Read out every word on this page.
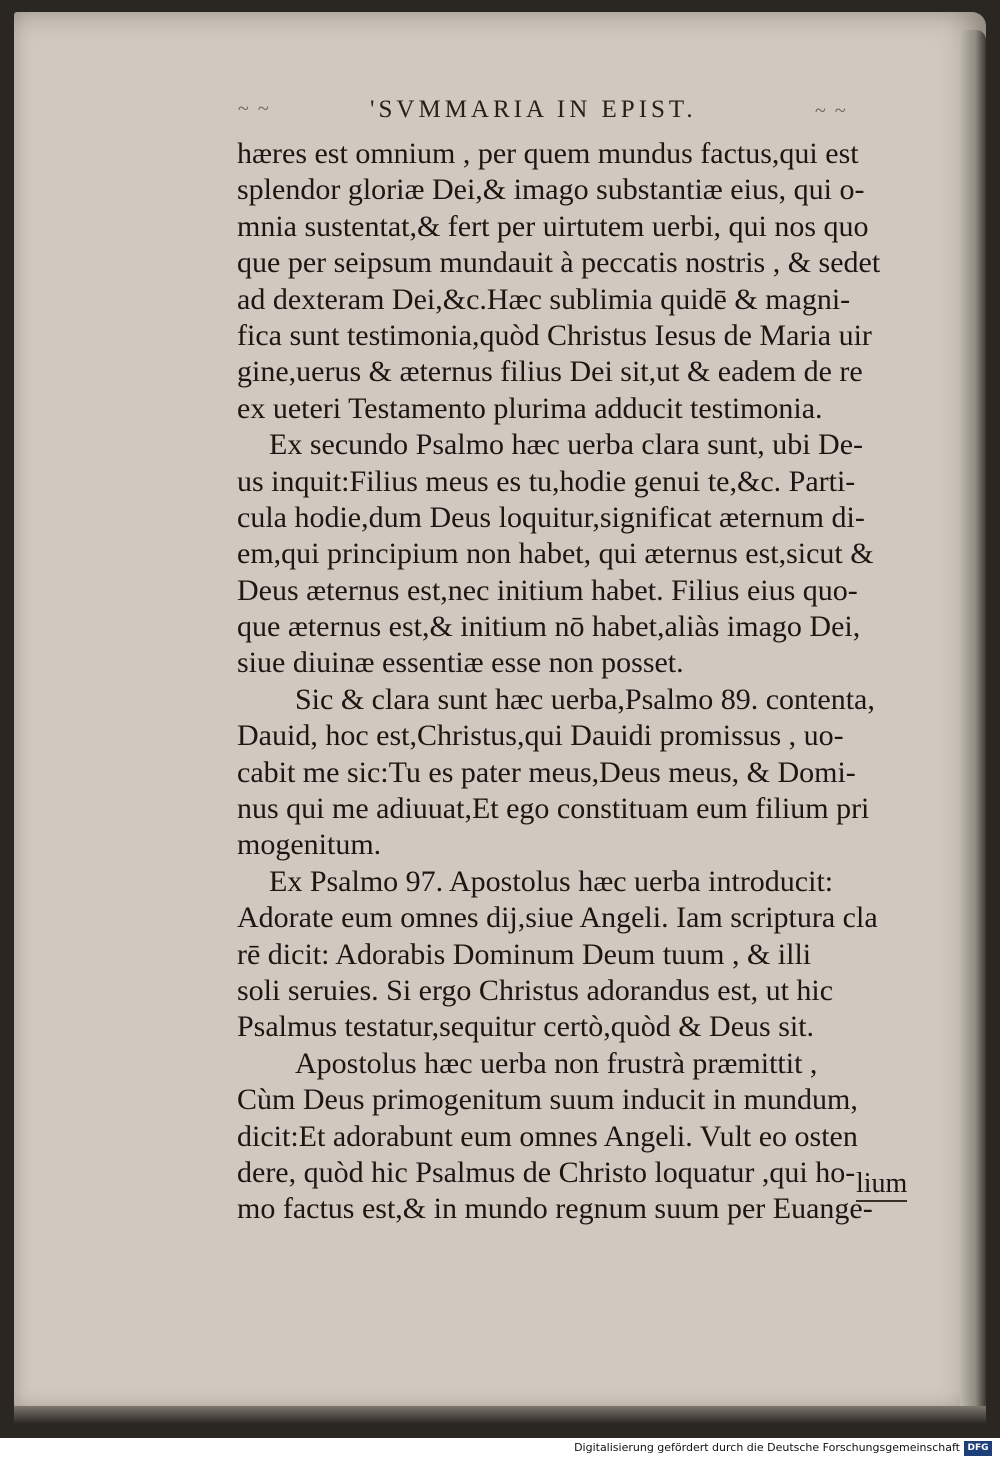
~ ~	'SVMMARIA IN EPIST.	~ ~
hæres est omnium , per quem mundus factus,qui est
splendor gloriæ Dei,& imago substantiæ eius, qui o-
mnia sustentat,& fert per uirtutem uerbi, qui nos quo
que per seipsum mundauit à peccatis nostris , & sedet
ad dexteram Dei,&c.Hæc sublimia quidē & magni-
fica sunt testimonia,quòd Christus Iesus de Maria uir
gine,uerus & æternus filius Dei sit,ut & eadem de re
ex ueteri Testamento plurima adducit testimonia.
Ex secundo Psalmo hæc uerba clara sunt, ubi De-
us inquit:Filius meus es tu,hodie genui te,&c. Parti-
cula hodie,dum Deus loquitur,significat æternum di-
em,qui principium non habet, qui æternus est,sicut &
Deus æternus est,nec initium habet. Filius eius quo-
que æternus est,& initium nō habet,aliàs imago Dei,
siue diuinæ essentiæ esse non posset.
Sic & clara sunt hæc uerba,Psalmo 89. contenta,
Dauid, hoc est,Christus,qui Dauidi promissus , uo-
cabit me sic:Tu es pater meus,Deus meus, & Domi-
nus qui me adiuuat,Et ego constituam eum filium pri
mogenitum.
Ex Psalmo 97. Apostolus hæc uerba introducit:
Adorate eum omnes dij,siue Angeli. Iam scriptura cla
rē dicit: Adorabis Dominum Deum tuum , & illi
soli seruies. Si ergo Christus adorandus est, ut hic
Psalmus testatur,sequitur certò,quòd & Deus sit.
Apostolus hæc uerba non frustrà præmittit ,
Cùm Deus primogenitum suum inducit in mundum,
dicit:Et adorabunt eum omnes Angeli. Vult eo osten
dere, quòd hic Psalmus de Christo loquatur ,qui ho-
mo factus est,& in mundo regnum suum per Euange-
lium
Digitalisierung gefördert durch die Deutsche Forschungsgemeinschaft DFG
